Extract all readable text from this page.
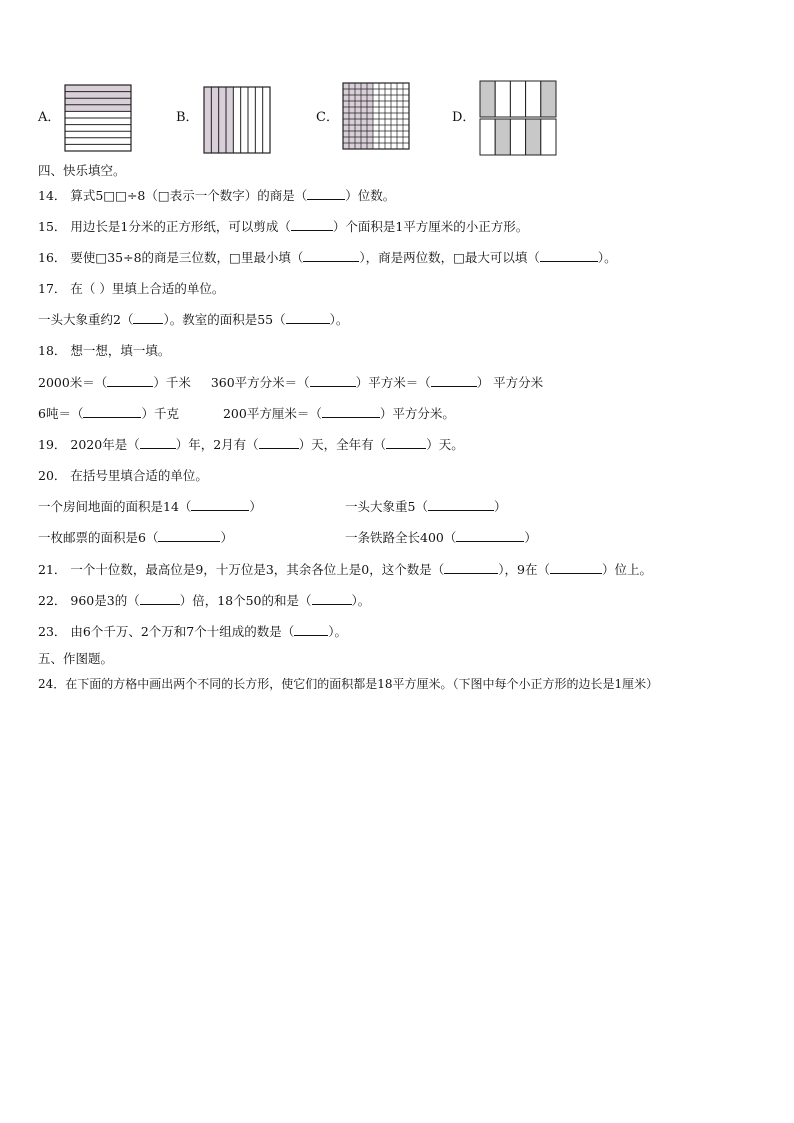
A．	B．	C．	D．
四、快乐填空。
14． 算式5□□÷8（□表示一个数字）的商是（	）位数。
15． 用边长是1分米的正方形纸，可以剪成（	）个面积是1平方厘米的小正方形。
16． 要使□35÷8的商是三位数，□里最小填（	），商是两位数，□最大可以填（	）。
17． 在（ ）里填上合适的单位。
一头大象重约2（ ）。教室的面积是55（	）。
18． 想一想，填一填。
2000米＝（	）千米 360平方分米＝（	）平方米＝（	） 平方分米
6吨＝（	）千克	200平方厘米＝（	）平方分米。
19． 2020年是（	）年，2月有（	）天，全年有（	）天。
20． 在括号里填合适的单位。
一个房间地面的面积是14（	）	一头大象重5（	）
一枚邮票的面积是6（	）	一条铁路全长400（	）
21． 一个十位数，最高位是9，十万位是3，其余各位上是0，这个数是（	），9在（	）位上。
22． 960是3的（	）倍，18个50的和是（	）。
23． 由6个千万、2个万和7个十组成的数是（	）。
五、作图题。
24．在下面的方格中画出两个不同的长方形，使它们的面积都是18平方厘米。（下图中每个小正方形的边长是1厘米）
